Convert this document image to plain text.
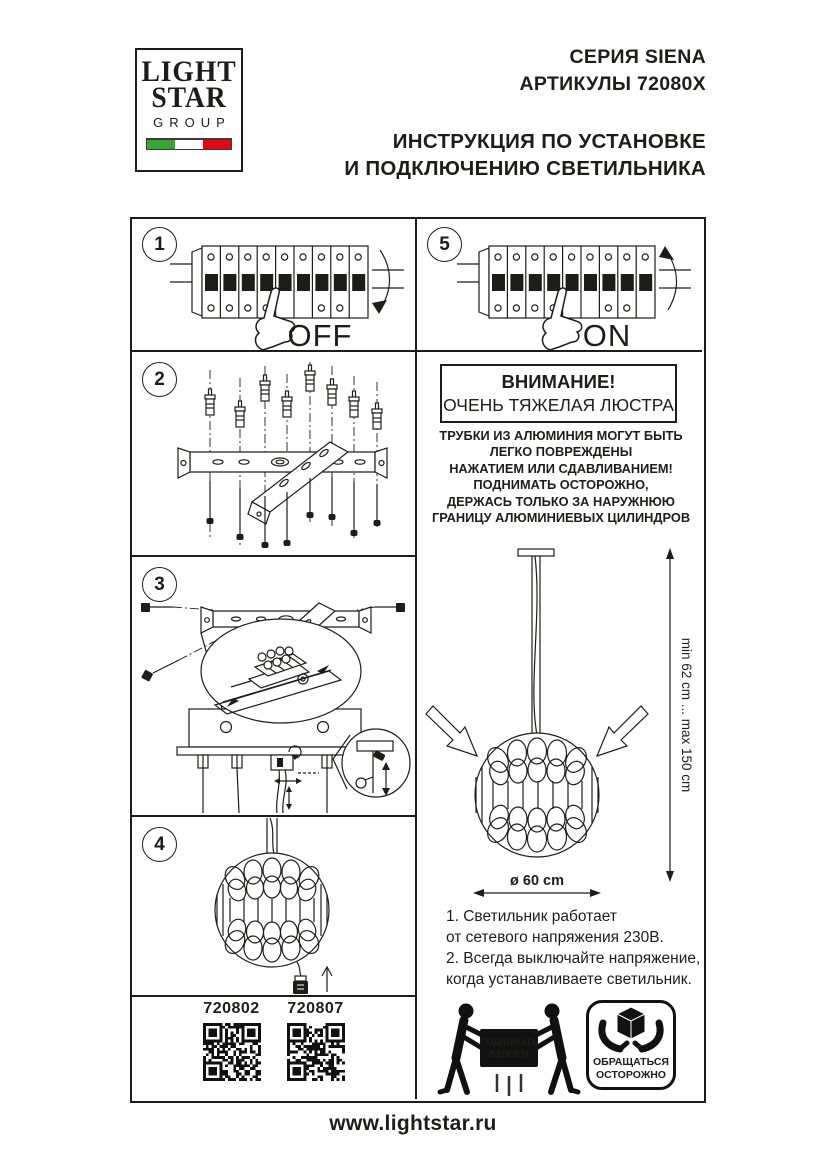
LIGHT
STAR
GROUP
СЕРИЯ SIENA
АРТИКУЛЫ 72080X
ИНСТРУКЦИЯ ПО УСТАНОВКЕ
И ПОДКЛЮЧЕНИЮ СВЕТИЛЬНИКА
1
2
3
4
5
OFF	ON
ВНИМАНИЕ!
ОЧЕНЬ ТЯЖЕЛАЯ ЛЮСТРА
ТРУБКИ ИЗ АЛЮМИНИЯ МОГУТ БЫТЬ
ЛЕГКО ПОВРЕЖДЕНЫ
НАЖАТИЕМ ИЛИ СДАВЛИВАНИЕМ!
ПОДНИМАТЬ ОСТОРОЖНО,
ДЕРЖАСЬ ТОЛЬКО ЗА НАРУЖНЮЮ
ГРАНИЦУ АЛЮМИНИЕВЫХ ЦИЛИНДРОВ
min 62 cm ... max 150 cm
ø 60 cm
1. Светильник работает
от сетевого напряжения 230В.
2. Всегда выключайте напряжение,
когда устанавливаете светильник.
720802 720807
ПОДНИМАТЬ
ВДВОЕМ
ОБРАЩАТЬСЯ
ОСТОРОЖНО
www.lightstar.ru
